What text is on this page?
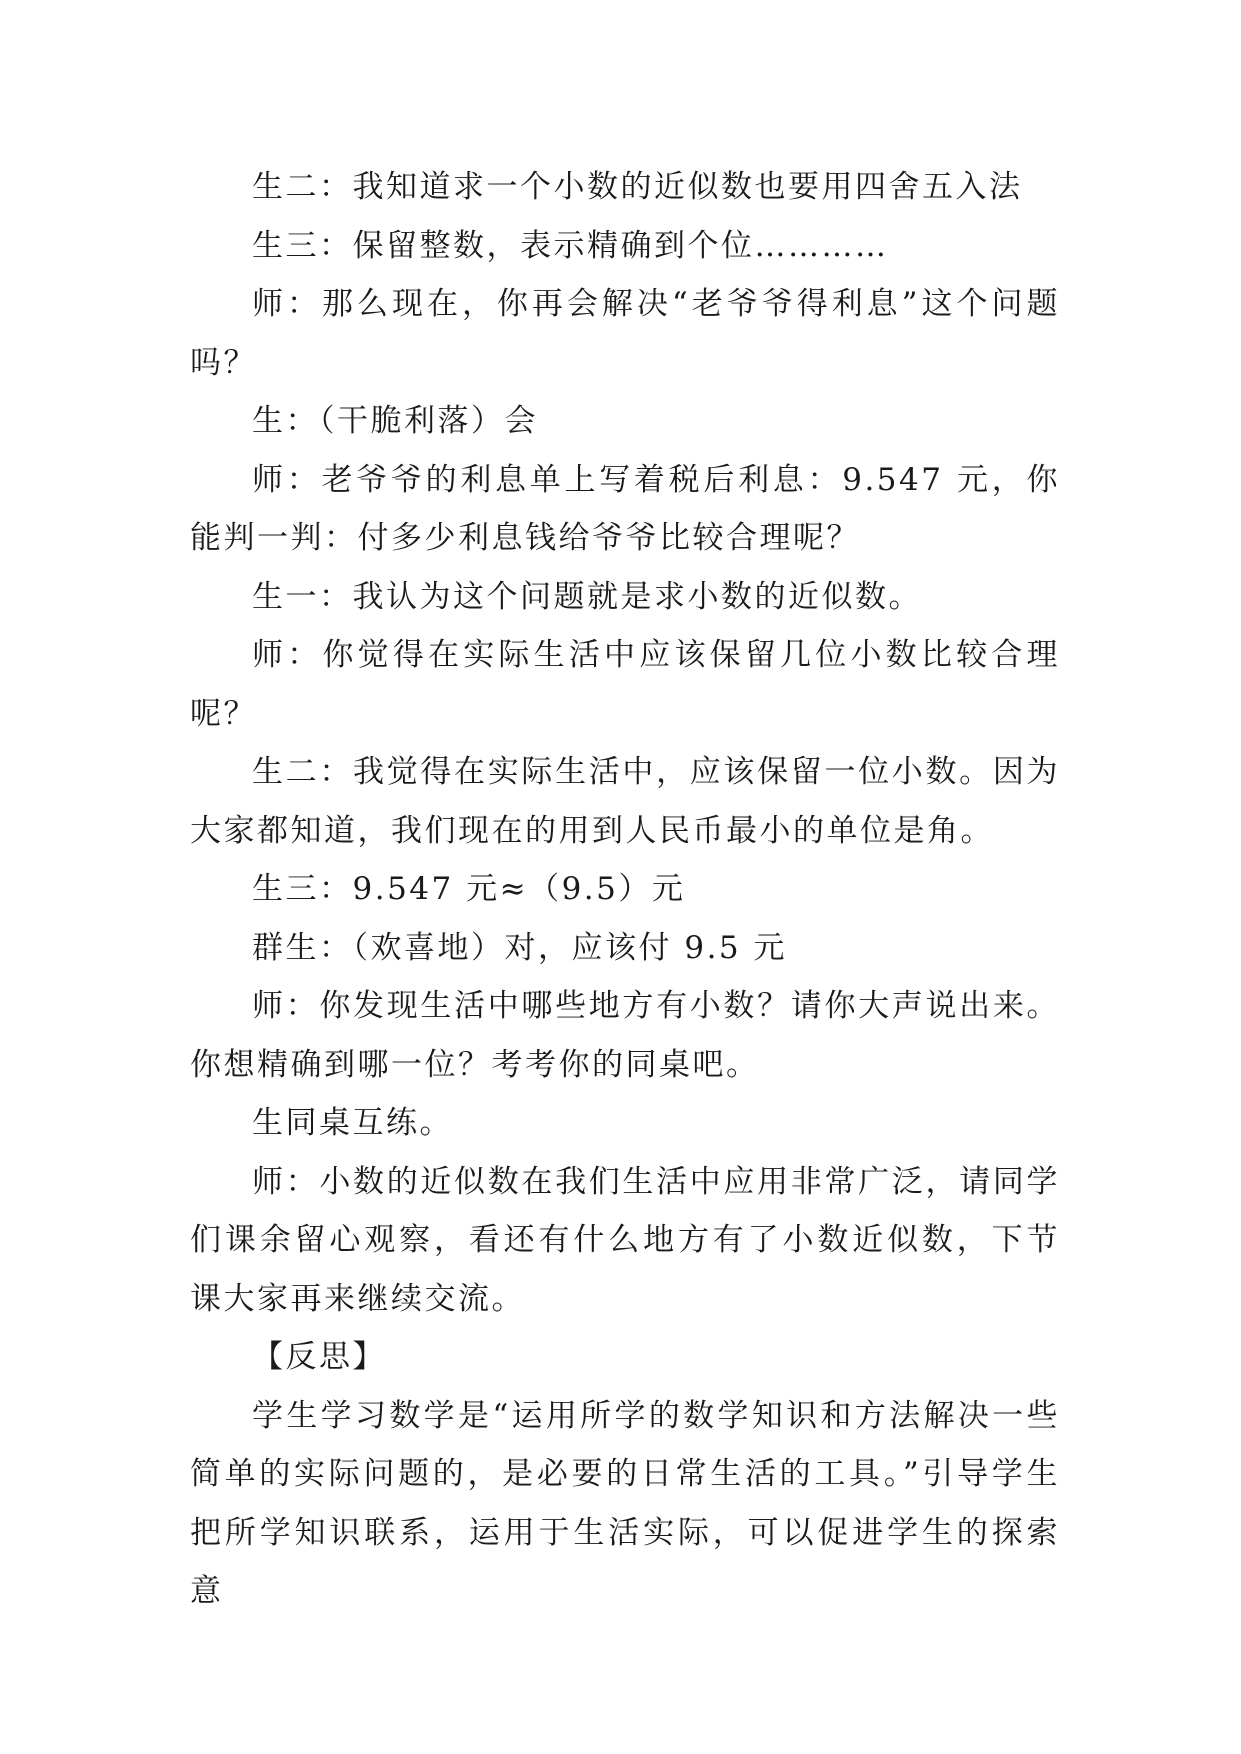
生二：我知道求一个小数的近似数也要用四舍五入法

生三：保留整数，表示精确到个位…………

师：那么现在，你再会解决“老爷爷得利息”这个问题吗？

生：（干脆利落）会

师：老爷爷的利息单上写着税后利息：9.547 元，你能判一判：付多少利息钱给爷爷比较合理呢？

生一：我认为这个问题就是求小数的近似数。

师：你觉得在实际生活中应该保留几位小数比较合理呢？

生二：我觉得在实际生活中，应该保留一位小数。因为大家都知道，我们现在的用到人民币最小的单位是角。

生三：9.547 元≈（9.5）元

群生：（欢喜地）对，应该付 9.5 元

师：你发现生活中哪些地方有小数？请你大声说出来。你想精确到哪一位？考考你的同桌吧。

生同桌互练。

师：小数的近似数在我们生活中应用非常广泛，请同学们课余留心观察，看还有什么地方有了小数近似数，下节课大家再来继续交流。

【反思】

学生学习数学是“运用所学的数学知识和方法解决一些简单的实际问题的，是必要的日常生活的工具。”引导学生把所学知识联系，运用于生活实际，可以促进学生的探索意
